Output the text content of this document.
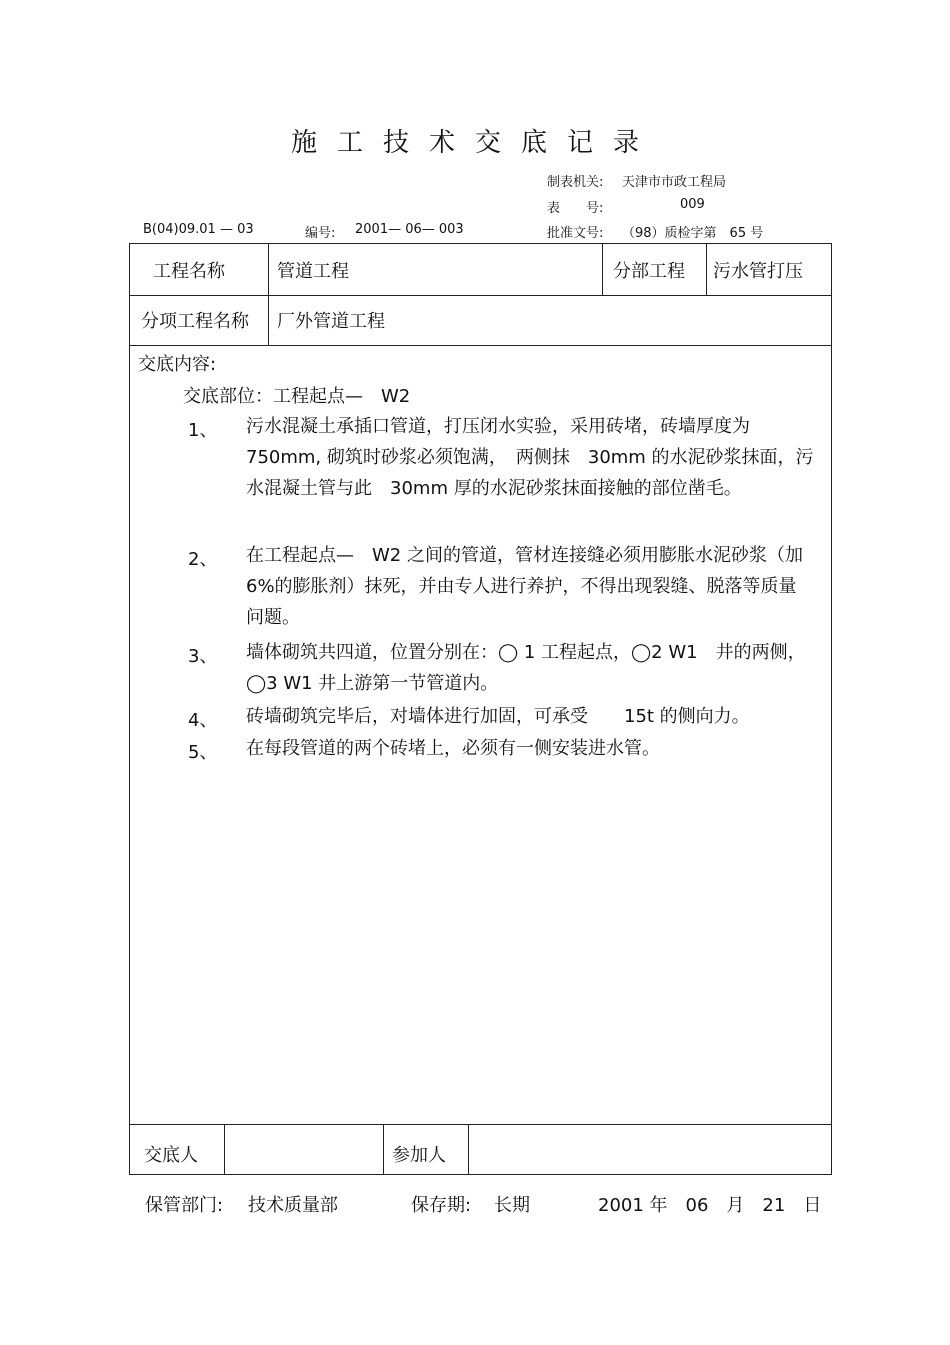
施工技术交底记录
制表机关: 天津市市政工程局
表　　号:	009
B(04)09.01 — 03	编号: 2001— 06— 003	批准文号: （98）质检字第　65 号
工程名称	管道工程	分部工程 污水管打压
分项工程名称 厂外管道工程
交底内容:
交底部位：工程起点—　W2
1、 污水混凝土承插口管道，打压闭水实验，采用砖堵，砖墙厚度为 750mm, 砌筑时砂浆必须饱满，　两侧抹　30mm 的水泥砂浆抹面，污水混凝土管与此　30mm 厚的水泥砂浆抹面接触的部位凿毛。
2、 在工程起点—　W2 之间的管道，管材连接缝必须用膨胀水泥砂浆（加　6%的膨胀剂）抹死，并由专人进行养护，不得出现裂缝、脱落等质量问题。
3、 墙体砌筑共四道，位置分别在：◯ 1 工程起点，◯2 W1　井的两侧，◯3 W1 井上游第一节管道内。
4、 砖墙砌筑完毕后，对墙体进行加固，可承受　　15t 的侧向力。
5、 在每段管道的两个砖堵上，必须有一侧安装进水管。
交底人	参加人
保管部门: 技术质量部	保存期: 长期	2001 年　06　月　21　日
